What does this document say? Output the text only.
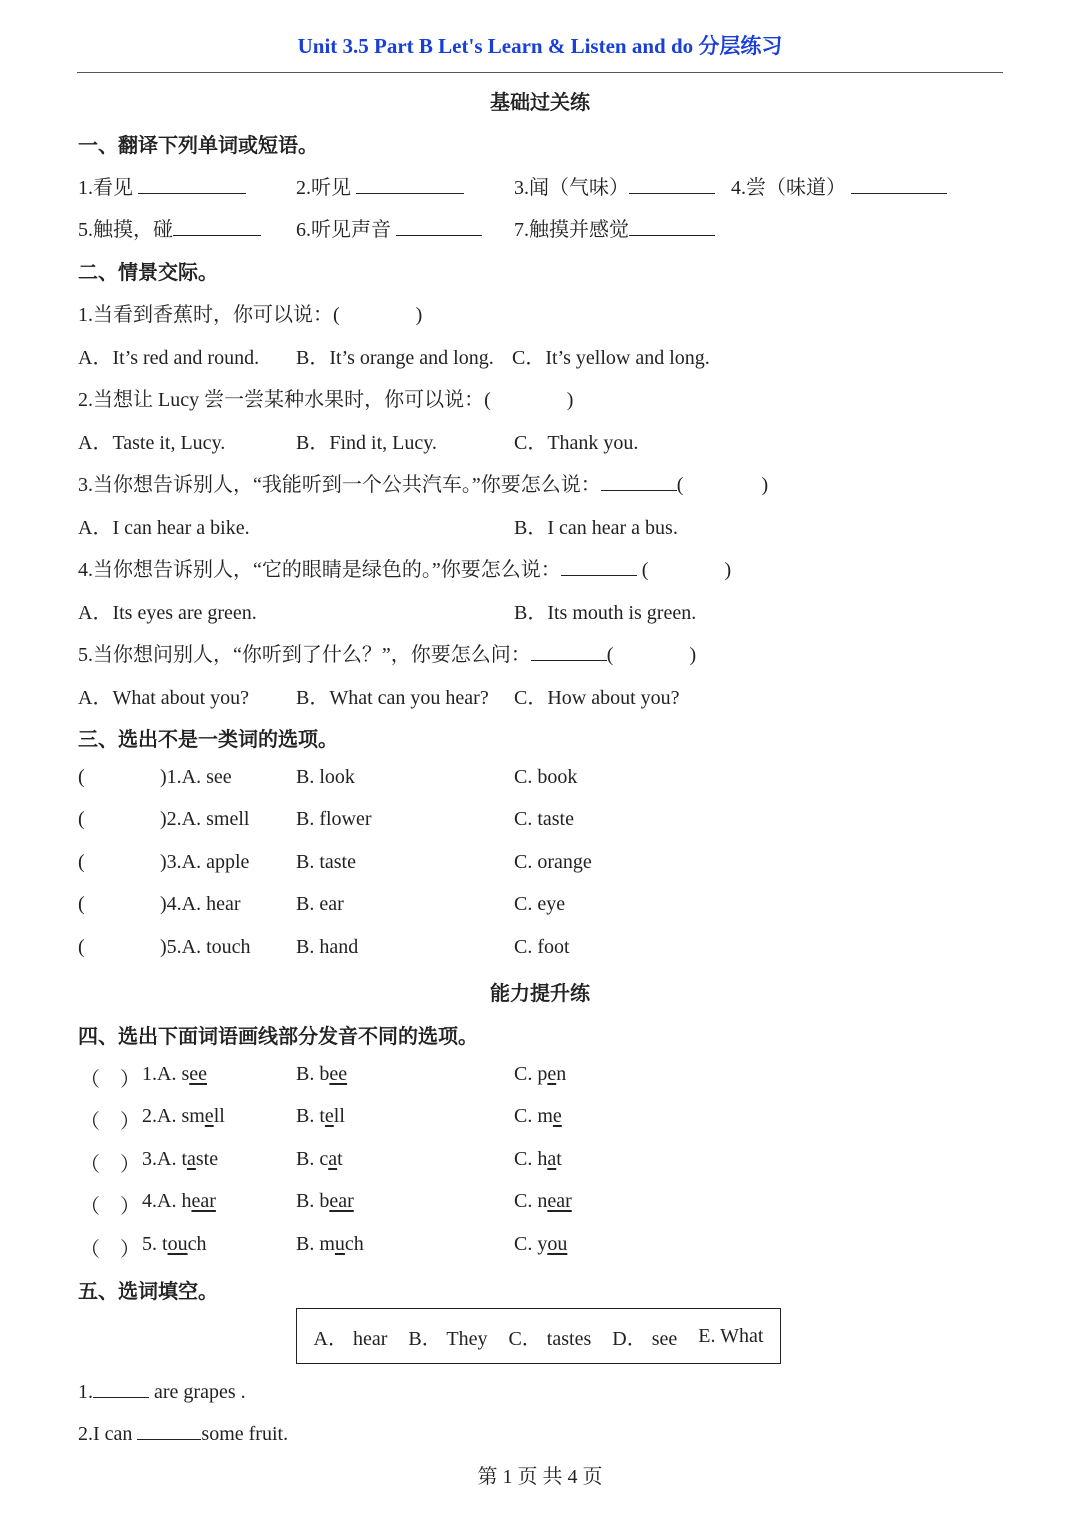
Unit 3.5 Part B Let's Learn & Listen and do 分层练习
基础过关练
一、翻译下列单词或短语。
1.看见	2.听见	3.闻（气味）	4.尝（味道）
5.触摸，碰	6.听见声音	7.触摸并感觉
二、情景交际。
1.当看到香蕉时，你可以说：(	)
A．It’s red and round. B．It’s orange and long. C．It’s yellow and long.
2.当想让 Lucy 尝一尝某种水果时，你可以说：(	)
A．Taste it, Lucy.	B．Find it, Lucy.	C．Thank you.
3.当你想告诉别人，“我能听到一个公共汽车。”你要怎么说：	(	)
A．I can hear a bike.	B．I can hear a bus.
4.当你想告诉别人，“它的眼睛是绿色的。”你要怎么说：	(	)
A．Its eyes are green.	B．Its mouth is green.
5.当你想问别人，“你听到了什么？”，你要怎么问：	(	)
A．What about you? B．What can you hear? C．How about you?
三、选出不是一类词的选项。
(	)1.A. see	B. look	C. book
(	)2.A. smell B. flower	C. taste
(	)3.A. apple B. taste	C. orange
(	)4.A. hear	B. ear	C. eye
(	)5.A. touch B. hand	C. foot
能力提升练
四、选出下面词语画线部分发音不同的选项。
（　） 1.A. see	B. bee	C. pen
（　） 2.A. smell	B. tell	C. me
（　） 3.A. taste	B. cat	C. hat
（　） 4.A. hear	B. bear	C. near
（　） 5. touch	B. much	C. you
五、选词填空。
A． hear B． They C． tastes D． see E. What
1.	are grapes .
2.I can	some fruit.
第 1 页 共 4 页
